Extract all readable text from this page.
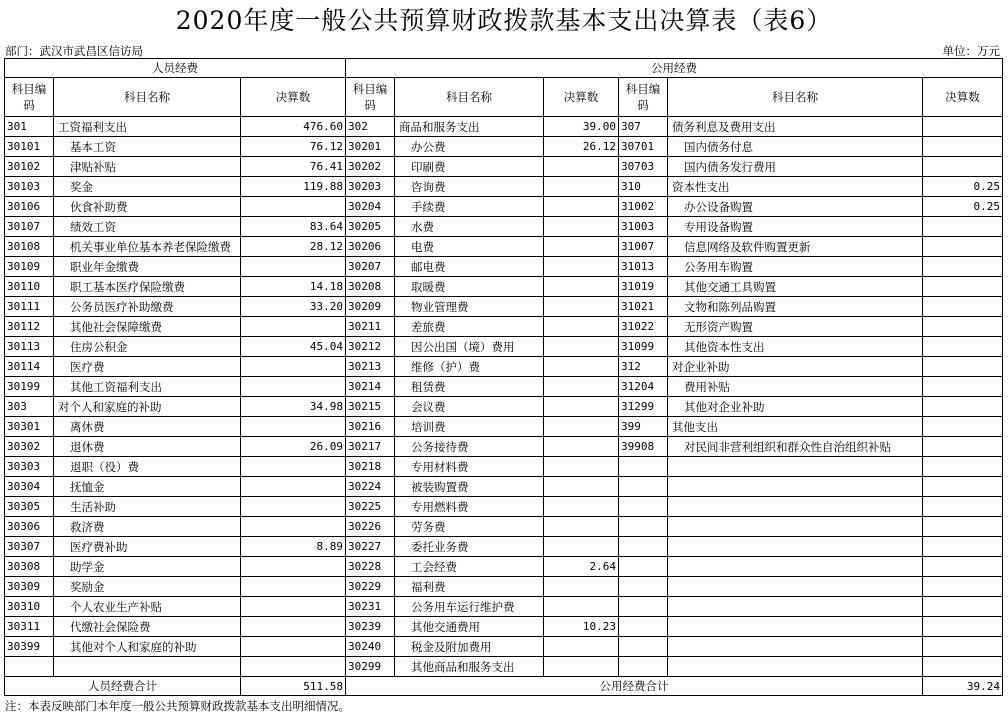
2020年度一般公共预算财政拨款基本支出决算表（表6）
部门：武汉市武昌区信访局	单位：万元
人员经费			公用经费					
科目编码	科目名称	决算数	科目编码	科目名称	决算数	科目编码	科目名称	决算数
301	工资福利支出	476.60	302	商品和服务支出	39.00	307	债务利息及费用支出	
30101	基本工资	76.12	30201	办公费	26.12	30701	国内债务付息	
30102	津贴补贴	76.41	30202	印刷费		30703	国内债务发行费用	
30103	奖金	119.88	30203	咨询费		310	资本性支出	0.25
30106	伙食补助费		30204	手续费		31002	办公设备购置	0.25
30107	绩效工资	83.64	30205	水费		31003	专用设备购置	
30108	机关事业单位基本养老保险缴费	28.12	30206	电费		31007	信息网络及软件购置更新	
30109	职业年金缴费		30207	邮电费		31013	公务用车购置	
30110	职工基本医疗保险缴费	14.18	30208	取暖费		31019	其他交通工具购置	
30111	公务员医疗补助缴费	33.20	30209	物业管理费		31021	文物和陈列品购置	
30112	其他社会保障缴费		30211	差旅费		31022	无形资产购置	
30113	住房公积金	45.04	30212	因公出国（境）费用		31099	其他资本性支出	
30114	医疗费		30213	维修（护）费		312	对企业补助	
30199	其他工资福利支出		30214	租赁费		31204	费用补贴	
303	对个人和家庭的补助	34.98	30215	会议费		31299	其他对企业补助	
30301	离休费		30216	培训费		399	其他支出	
30302	退休费	26.09	30217	公务接待费		39908	对民间非营利组织和群众性自治组织补贴	
30303	退职（役）费		30218	专用材料费				
30304	抚恤金		30224	被装购置费				
30305	生活补助		30225	专用燃料费				
30306	救济费		30226	劳务费				
30307	医疗费补助	8.89	30227	委托业务费				
30308	助学金		30228	工会经费	2.64			
30309	奖励金		30229	福利费				
30310	个人农业生产补贴		30231	公务用车运行维护费				
30311	代缴社会保险费		30239	其他交通费用	10.23			
30399	其他对个人和家庭的补助		30240	税金及附加费用				
			30299	其他商品和服务支出				
人员经费合计		511.58	公用经费合计					39.24
注：本表反映部门本年度一般公共预算财政拨款基本支出明细情况。
